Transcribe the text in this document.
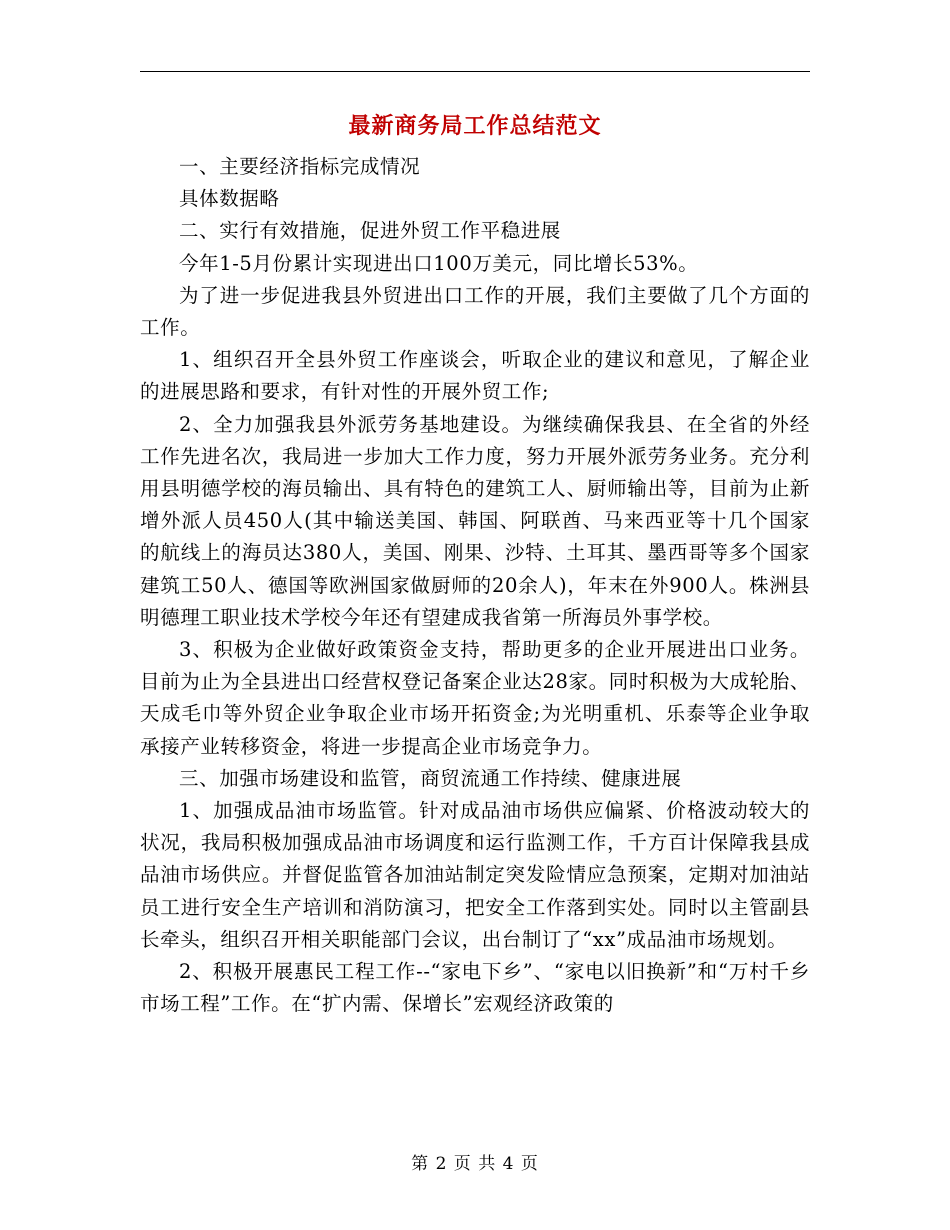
最新商务局工作总结范文

一、主要经济指标完成情况

具体数据略

二、实行有效措施，促进外贸工作平稳进展

今年1-5月份累计实现进出口100万美元，同比增长53%。

为了进一步促进我县外贸进出口工作的开展，我们主要做了几个方面的工作。

1、组织召开全县外贸工作座谈会，听取企业的建议和意见，了解企业的进展思路和要求，有针对性的开展外贸工作;

2、全力加强我县外派劳务基地建设。为继续确保我县、在全省的外经工作先进名次，我局进一步加大工作力度，努力开展外派劳务业务。充分利用县明德学校的海员输出、具有特色的建筑工人、厨师输出等，目前为止新增外派人员450人(其中输送美国、韩国、阿联酋、马来西亚等十几个国家的航线上的海员达380人，美国、刚果、沙特、土耳其、墨西哥等多个国家建筑工50人、德国等欧洲国家做厨师的20余人)，年末在外900人。株洲县明德理工职业技术学校今年还有望建成我省第一所海员外事学校。

3、积极为企业做好政策资金支持，帮助更多的企业开展进出口业务。目前为止为全县进出口经营权登记备案企业达28家。同时积极为大成轮胎、天成毛巾等外贸企业争取企业市场开拓资金;为光明重机、乐泰等企业争取承接产业转移资金，将进一步提高企业市场竞争力。

三、加强市场建设和监管，商贸流通工作持续、健康进展

1、加强成品油市场监管。针对成品油市场供应偏紧、价格波动较大的状况，我局积极加强成品油市场调度和运行监测工作，千方百计保障我县成品油市场供应。并督促监管各加油站制定突发险情应急预案，定期对加油站员工进行安全生产培训和消防演习，把安全工作落到实处。同时以主管副县长牵头，组织召开相关职能部门会议，出台制订了“xx”成品油市场规划。

2、积极开展惠民工程工作--“家电下乡”、“家电以旧换新”和“万村千乡市场工程”工作。在“扩内需、保增长”宏观经济政策的

第 2 页 共 4 页
